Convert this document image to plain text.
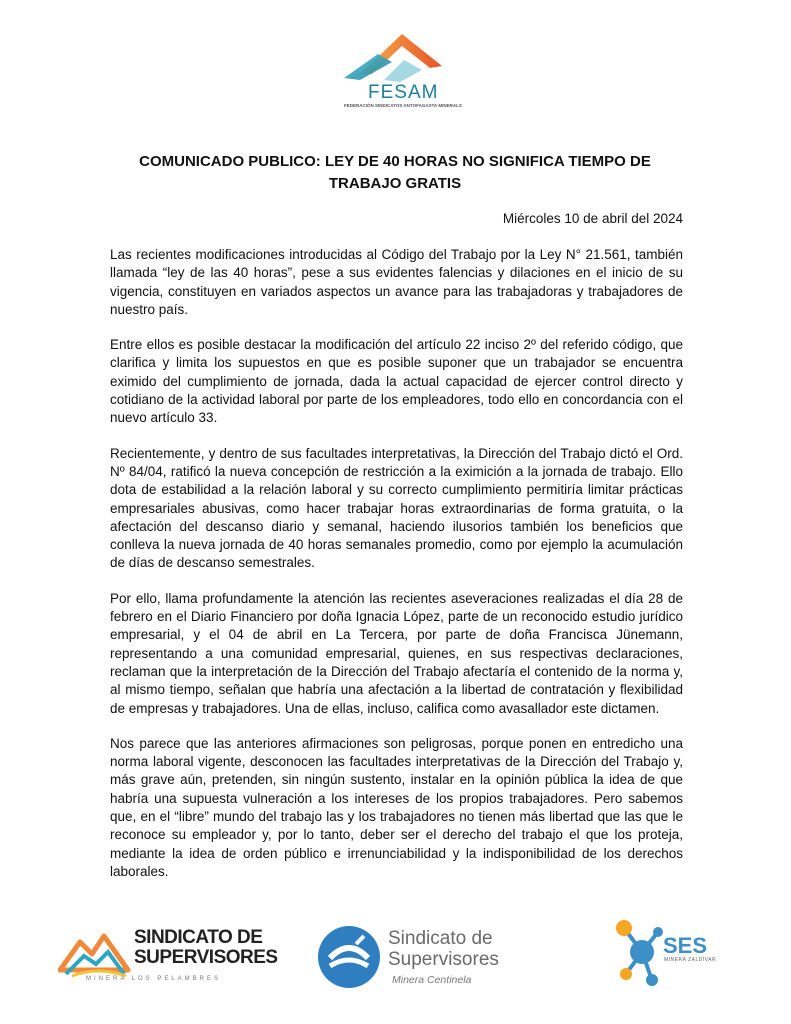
FESAM
FEDERACIÓN SINDICATOS ANTOFAGASTA MINERALS
COMUNICADO PUBLICO: LEY DE 40 HORAS NO SIGNIFICA TIEMPO DE TRABAJO GRATIS
Miércoles 10 de abril del 2024

Las recientes modificaciones introducidas al Código del Trabajo por la Ley N° 21.561, también llamada “ley de las 40 horas”, pese a sus evidentes falencias y dilaciones en el inicio de su vigencia, constituyen en variados aspectos un avance para las trabajadoras y trabajadores de nuestro país.

Entre ellos es posible destacar la modificación del artículo 22 inciso 2º del referido código, que clarifica y limita los supuestos en que es posible suponer que un trabajador se encuentra eximido del cumplimiento de jornada, dada la actual capacidad de ejercer control directo y cotidiano de la actividad laboral por parte de los empleadores, todo ello en concordancia con el nuevo artículo 33.

Recientemente, y dentro de sus facultades interpretativas, la Dirección del Trabajo dictó el Ord. Nº 84/04, ratificó la nueva concepción de restricción a la eximición a la jornada de trabajo. Ello dota de estabilidad a la relación laboral y su correcto cumplimiento permitiría limitar prácticas empresariales abusivas, como hacer trabajar horas extraordinarias de forma gratuita, o la afectación del descanso diario y semanal, haciendo ilusorios también los beneficios que conlleva la nueva jornada de 40 horas semanales promedio, como por ejemplo la acumulación de días de descanso semestrales.

Por ello, llama profundamente la atención las recientes aseveraciones realizadas el día 28 de febrero en el Diario Financiero por doña Ignacia López, parte de un reconocido estudio jurídico empresarial, y el 04 de abril en La Tercera, por parte de doña Francisca Jünemann, representando a una comunidad empresarial, quienes, en sus respectivas declaraciones, reclaman que la interpretación de la Dirección del Trabajo afectaría el contenido de la norma y, al mismo tiempo, señalan que habría una afectación a la libertad de contratación y flexibilidad de empresas y trabajadores. Una de ellas, incluso, califica como avasallador este dictamen.

Nos parece que las anteriores afirmaciones son peligrosas, porque ponen en entredicho una norma laboral vigente, desconocen las facultades interpretativas de la Dirección del Trabajo y, más grave aún, pretenden, sin ningún sustento, instalar en la opinión pública la idea de que habría una supuesta vulneración a los intereses de los propios trabajadores. Pero sabemos que, en el “libre” mundo del trabajo las y los trabajadores no tienen más libertad que las que le reconoce su empleador y, por lo tanto, deber ser el derecho del trabajo el que los proteja, mediante la idea de orden público e irrenunciabilidad y la indisponibilidad de los derechos laborales.

SINDICATO DE
SUPERVISORES
MINERA LOS PELAMBRES
Sindicato de
Supervisores
Minera Centinela
SES
MINERA ZALDÍVAR
